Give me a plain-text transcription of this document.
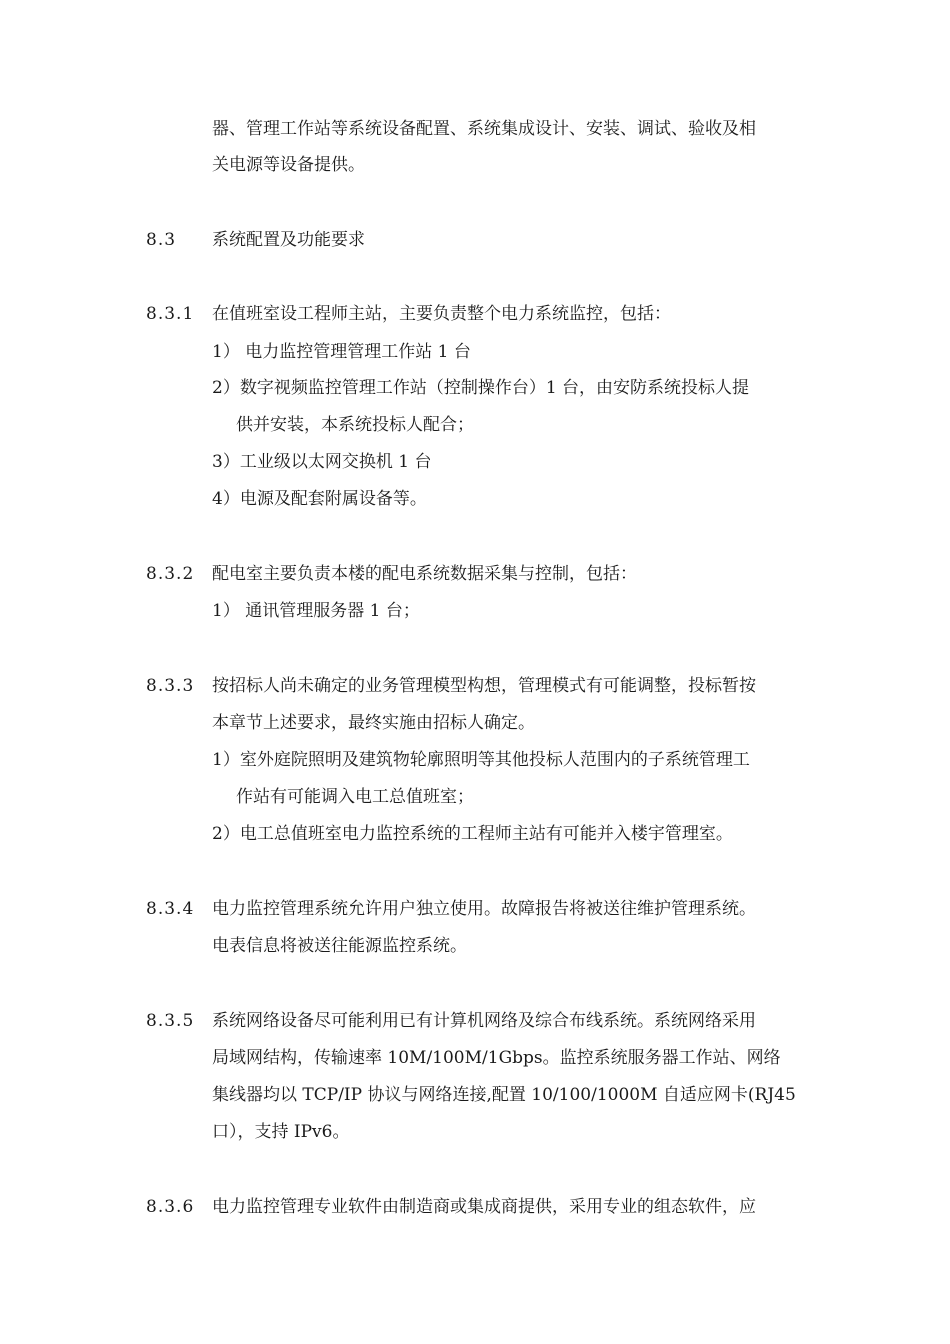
器、管理工作站等系统设备配置、系统集成设计、安装、调试、验收及相
关电源等设备提供。
8.3 系统配置及功能要求
8.3.1 在值班室设工程师主站，主要负责整个电力系统监控，包括：
1） 电力监控管理管理工作站 1 台
2）数字视频监控管理工作站（控制操作台）1 台，由安防系统投标人提
供并安装，本系统投标人配合；
3）工业级以太网交换机 1 台
4）电源及配套附属设备等。
8.3.2 配电室主要负责本楼的配电系统数据采集与控制，包括：
1） 通讯管理服务器 1 台；
8.3.3 按招标人尚未确定的业务管理模型构想，管理模式有可能调整，投标暂按
本章节上述要求，最终实施由招标人确定。
1）室外庭院照明及建筑物轮廓照明等其他投标人范围内的子系统管理工
作站有可能调入电工总值班室；
2）电工总值班室电力监控系统的工程师主站有可能并入楼宇管理室。
8.3.4 电力监控管理系统允许用户独立使用。故障报告将被送往维护管理系统。
电表信息将被送往能源监控系统。
8.3.5 系统网络设备尽可能利用已有计算机网络及综合布线系统。系统网络采用
局域网结构，传输速率 10M/100M/1Gbps。监控系统服务器工作站、网络
集线器均以 TCP/IP 协议与网络连接,配置 10/100/1000M 自适应网卡(RJ45
口），支持 IPv6。
8.3.6 电力监控管理专业软件由制造商或集成商提供，采用专业的组态软件，应
